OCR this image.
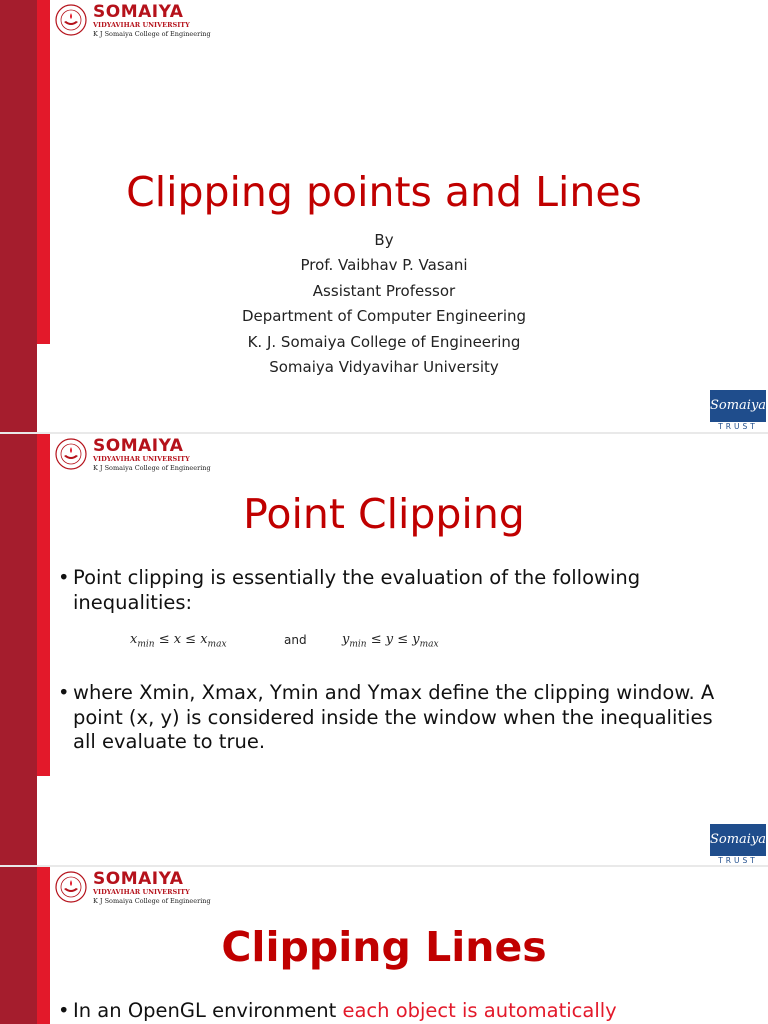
SOMAIYA
VIDYAVIHAR UNIVERSITY
K J Somaiya College of Engineering
Clipping points and Lines
By
Prof. Vaibhav P. Vasani
Assistant Professor
Department of Computer Engineering
K. J. Somaiya College of Engineering
Somaiya Vidyavihar University
Somaiya
TRUST
SOMAIYA
VIDYAVIHAR UNIVERSITY
K J Somaiya College of Engineering
Point Clipping
• Point clipping is essentially the evaluation of the following inequalities:
$x_{min} \le x \le x_{max}$	and	$y_{min} \le y \le y_{max}$
• where Xmin, Xmax, Ymin and Ymax define the clipping window. A point (x, y) is considered inside the window when the inequalities all evaluate to true.
Somaiya
TRUST
SOMAIYA
VIDYAVIHAR UNIVERSITY
K J Somaiya College of Engineering
Clipping Lines
• In an OpenGL environment each object is automatically
